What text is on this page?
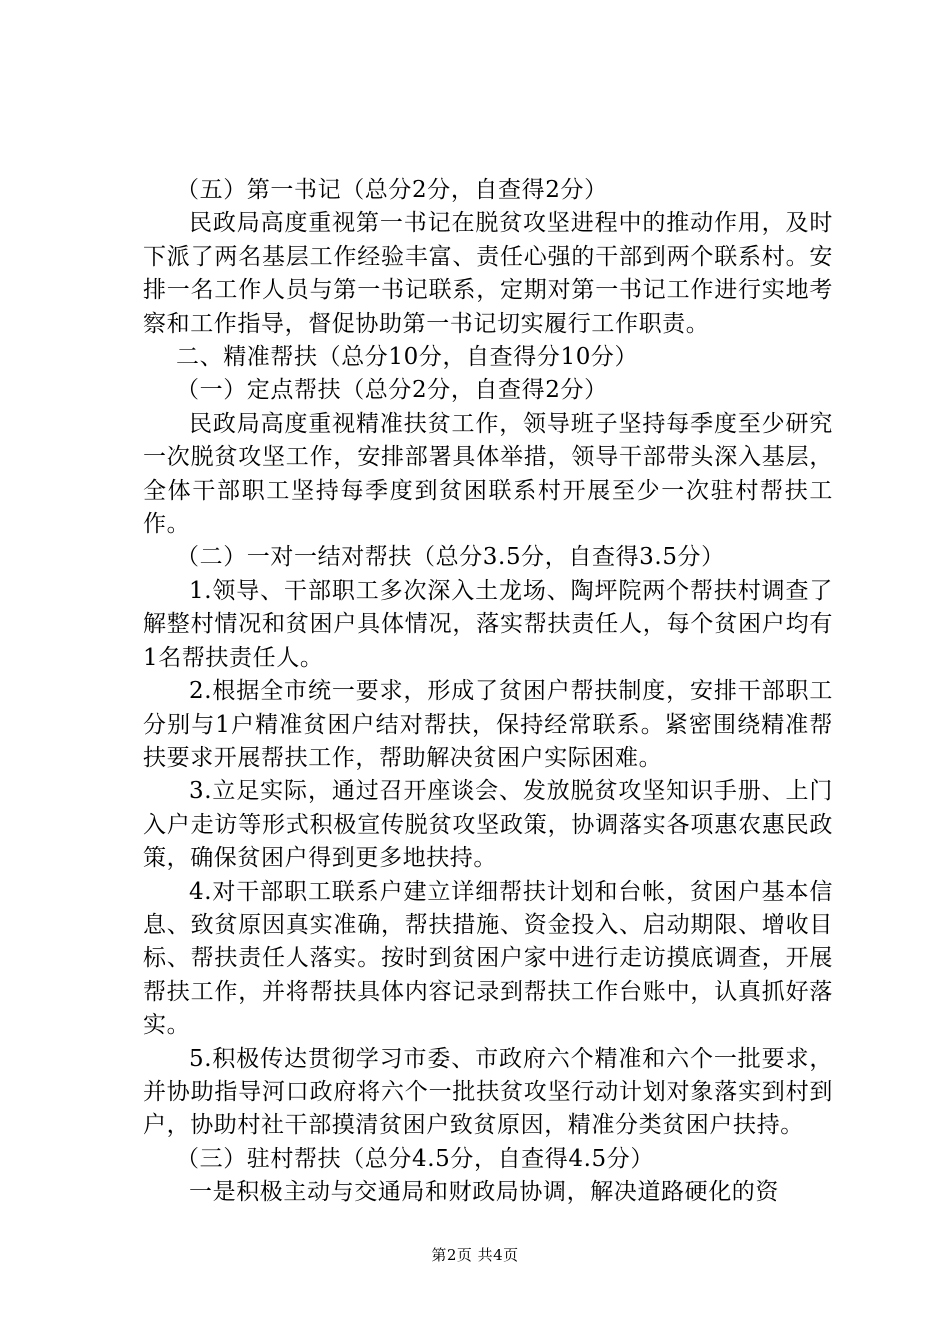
（五）第一书记（总分2分，自查得2分）

民政局高度重视第一书记在脱贫攻坚进程中的推动作用，及时下派了两名基层工作经验丰富、责任心强的干部到两个联系村。安排一名工作人员与第一书记联系，定期对第一书记工作进行实地考察和工作指导，督促协助第一书记切实履行工作职责。

二、精准帮扶（总分10分，自查得分10分）

（一）定点帮扶（总分2分，自查得2分）

民政局高度重视精准扶贫工作，领导班子坚持每季度至少研究一次脱贫攻坚工作，安排部署具体举措，领导干部带头深入基层，全体干部职工坚持每季度到贫困联系村开展至少一次驻村帮扶工作。

（二）一对一结对帮扶（总分3.5分，自查得3.5分）

1.领导、干部职工多次深入土龙场、陶坪院两个帮扶村调查了解整村情况和贫困户具体情况，落实帮扶责任人，每个贫困户均有1名帮扶责任人。

2.根据全市统一要求，形成了贫困户帮扶制度，安排干部职工分别与1户精准贫困户结对帮扶，保持经常联系。紧密围绕精准帮扶要求开展帮扶工作，帮助解决贫困户实际困难。

3.立足实际，通过召开座谈会、发放脱贫攻坚知识手册、上门入户走访等形式积极宣传脱贫攻坚政策，协调落实各项惠农惠民政策，确保贫困户得到更多地扶持。

4.对干部职工联系户建立详细帮扶计划和台帐，贫困户基本信息、致贫原因真实准确，帮扶措施、资金投入、启动期限、增收目标、帮扶责任人落实。按时到贫困户家中进行走访摸底调查，开展帮扶工作，并将帮扶具体内容记录到帮扶工作台账中，认真抓好落实。

5.积极传达贯彻学习市委、市政府六个精准和六个一批要求，并协助指导河口政府将六个一批扶贫攻坚行动计划对象落实到村到户，协助村社干部摸清贫困户致贫原因，精准分类贫困户扶持。

（三）驻村帮扶（总分4.5分，自查得4.5分）

一是积极主动与交通局和财政局协调，解决道路硬化的资

第2页 共4页
